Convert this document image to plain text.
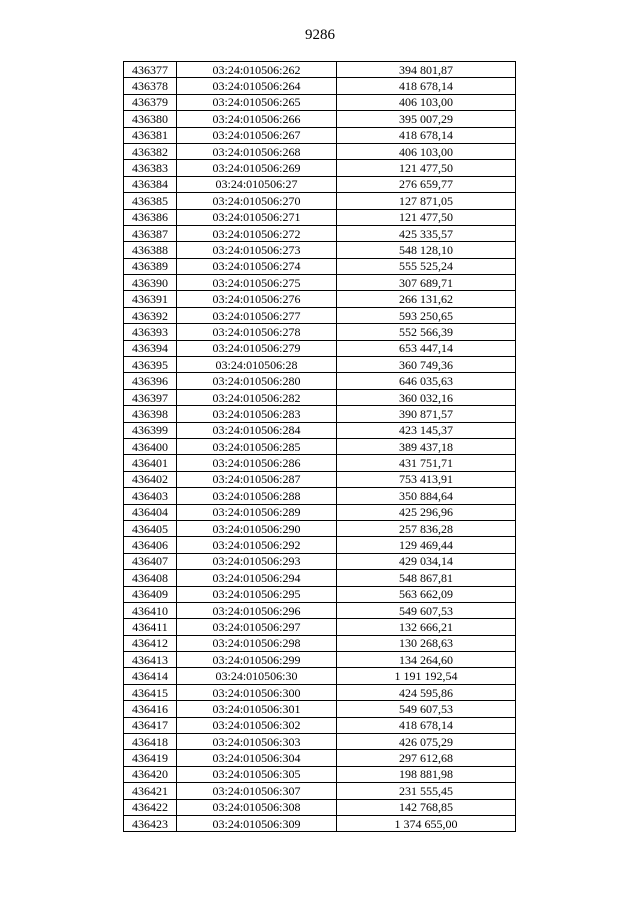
9286
436377	03:24:010506:262	394 801,87
436378	03:24:010506:264	418 678,14
436379	03:24:010506:265	406 103,00
436380	03:24:010506:266	395 007,29
436381	03:24:010506:267	418 678,14
436382	03:24:010506:268	406 103,00
436383	03:24:010506:269	121 477,50
436384	03:24:010506:27	276 659,77
436385	03:24:010506:270	127 871,05
436386	03:24:010506:271	121 477,50
436387	03:24:010506:272	425 335,57
436388	03:24:010506:273	548 128,10
436389	03:24:010506:274	555 525,24
436390	03:24:010506:275	307 689,71
436391	03:24:010506:276	266 131,62
436392	03:24:010506:277	593 250,65
436393	03:24:010506:278	552 566,39
436394	03:24:010506:279	653 447,14
436395	03:24:010506:28	360 749,36
436396	03:24:010506:280	646 035,63
436397	03:24:010506:282	360 032,16
436398	03:24:010506:283	390 871,57
436399	03:24:010506:284	423 145,37
436400	03:24:010506:285	389 437,18
436401	03:24:010506:286	431 751,71
436402	03:24:010506:287	753 413,91
436403	03:24:010506:288	350 884,64
436404	03:24:010506:289	425 296,96
436405	03:24:010506:290	257 836,28
436406	03:24:010506:292	129 469,44
436407	03:24:010506:293	429 034,14
436408	03:24:010506:294	548 867,81
436409	03:24:010506:295	563 662,09
436410	03:24:010506:296	549 607,53
436411	03:24:010506:297	132 666,21
436412	03:24:010506:298	130 268,63
436413	03:24:010506:299	134 264,60
436414	03:24:010506:30	1 191 192,54
436415	03:24:010506:300	424 595,86
436416	03:24:010506:301	549 607,53
436417	03:24:010506:302	418 678,14
436418	03:24:010506:303	426 075,29
436419	03:24:010506:304	297 612,68
436420	03:24:010506:305	198 881,98
436421	03:24:010506:307	231 555,45
436422	03:24:010506:308	142 768,85
436423	03:24:010506:309	1 374 655,00
